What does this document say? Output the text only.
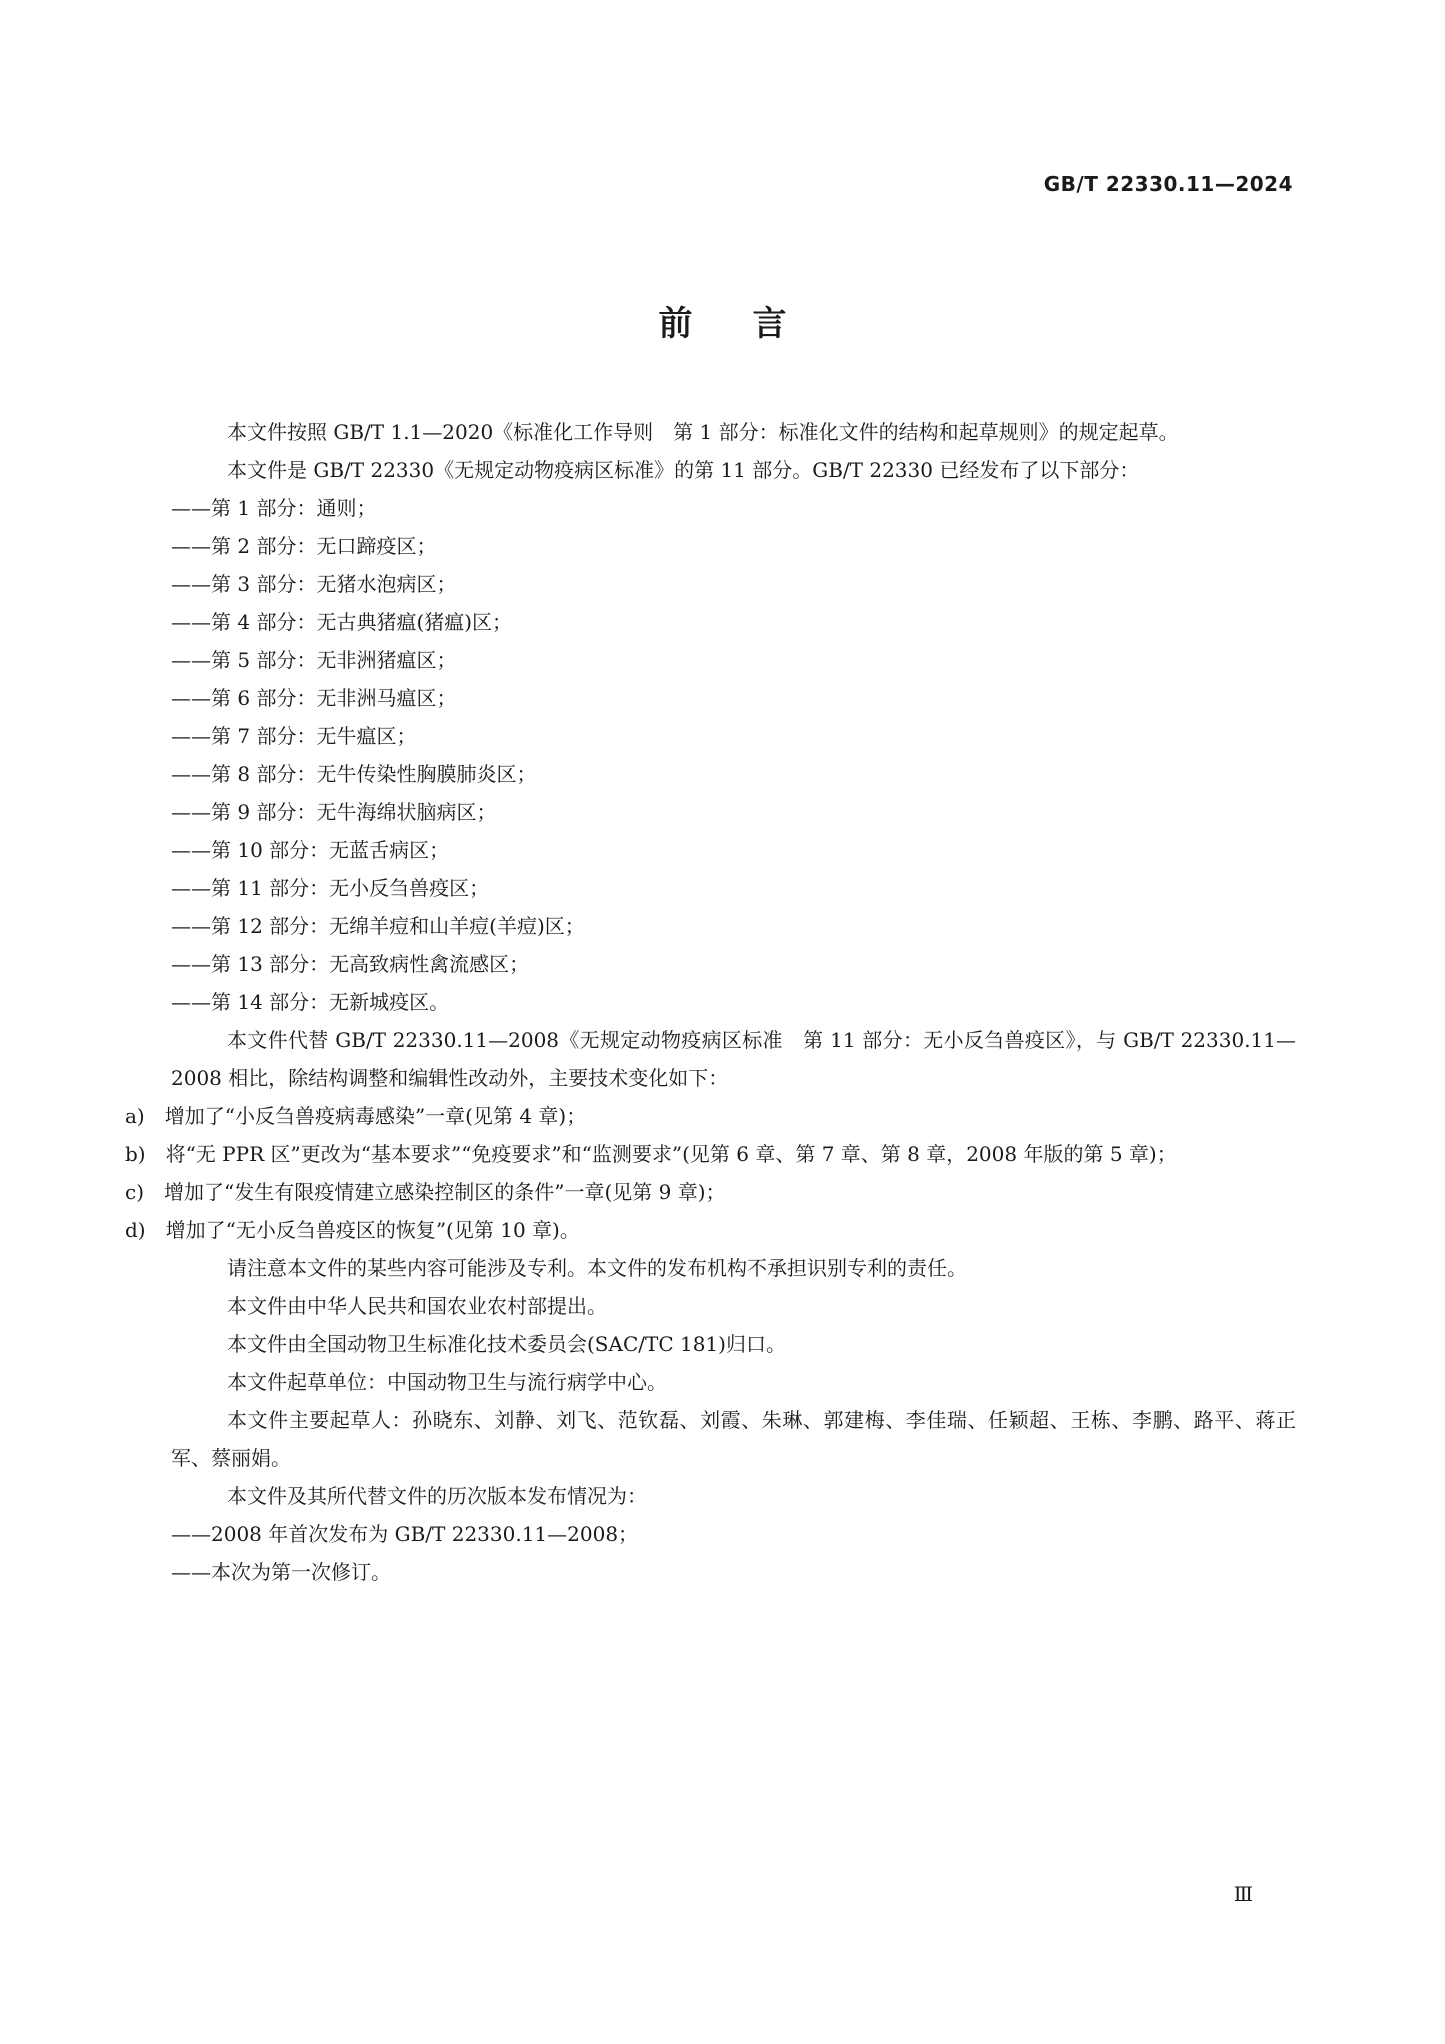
GB/T 22330.11—2024
前言

本文件按照 GB/T 1.1—2020《标准化工作导则　第 1 部分：标准化文件的结构和起草规则》的规定起草。

本文件是 GB/T 22330《无规定动物疫病区标准》的第 11 部分。GB/T 22330 已经发布了以下部分：

——第 1 部分：通则；

——第 2 部分：无口蹄疫区；

——第 3 部分：无猪水泡病区；

——第 4 部分：无古典猪瘟(猪瘟)区；

——第 5 部分：无非洲猪瘟区；

——第 6 部分：无非洲马瘟区；

——第 7 部分：无牛瘟区；

——第 8 部分：无牛传染性胸膜肺炎区；

——第 9 部分：无牛海绵状脑病区；

——第 10 部分：无蓝舌病区；

——第 11 部分：无小反刍兽疫区；

——第 12 部分：无绵羊痘和山羊痘(羊痘)区；

——第 13 部分：无高致病性禽流感区；

——第 14 部分：无新城疫区。

本文件代替 GB/T 22330.11—2008《无规定动物疫病区标准　第 11 部分：无小反刍兽疫区》，与 GB/T 22330.11—2008 相比，除结构调整和编辑性改动外，主要技术变化如下：

a)　增加了“小反刍兽疫病毒感染”一章(见第 4 章)；

b)　将“无 PPR 区”更改为“基本要求”“免疫要求”和“监测要求”(见第 6 章、第 7 章、第 8 章，2008 年版的第 5 章)；

c)　增加了“发生有限疫情建立感染控制区的条件”一章(见第 9 章)；

d)　增加了“无小反刍兽疫区的恢复”(见第 10 章)。

请注意本文件的某些内容可能涉及专利。本文件的发布机构不承担识别专利的责任。

本文件由中华人民共和国农业农村部提出。

本文件由全国动物卫生标准化技术委员会(SAC/TC 181)归口。

本文件起草单位：中国动物卫生与流行病学中心。

本文件主要起草人：孙晓东、刘静、刘飞、范钦磊、刘霞、朱琳、郭建梅、李佳瑞、任颖超、王栋、李鹏、路平、蒋正军、蔡丽娟。

本文件及其所代替文件的历次版本发布情况为：

——2008 年首次发布为 GB/T 22330.11—2008；

——本次为第一次修订。

Ⅲ
